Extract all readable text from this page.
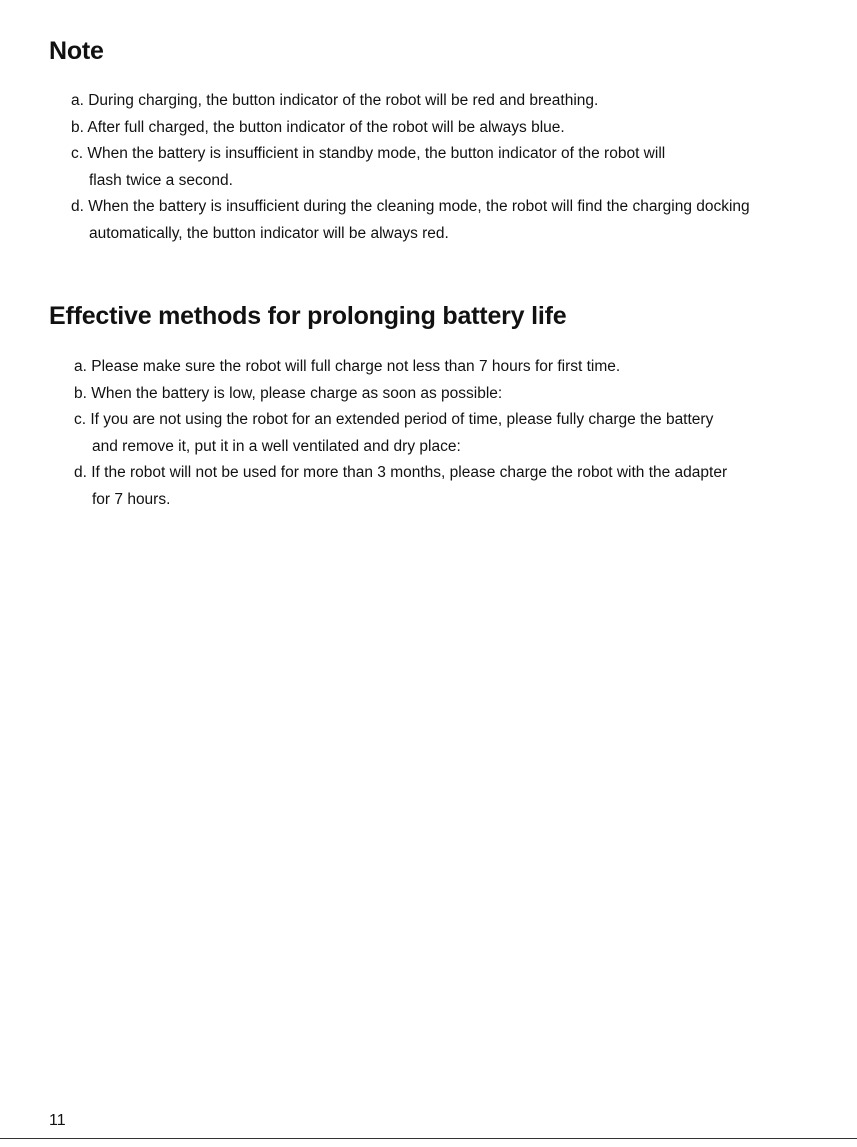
Note
a. During charging, the button indicator of the robot will be red and breathing.
b. After full charged, the button indicator of the robot will be always blue.
c. When the battery is insufficient in standby mode, the button indicator of the robot will
flash twice a second.
d. When the battery is insufficient during the cleaning mode, the robot will find the charging docking
automatically, the button indicator will be always red.
Effective methods for prolonging battery life
a. Please make sure the robot will full charge not less than 7 hours for first time.
b. When the battery is low, please charge as soon as possible:
c. If you are not using the robot for an extended period of time, please fully charge the battery
and remove it, put it in a well ventilated and dry place:
d. If the robot will not be used for more than 3 months, please charge the robot with the adapter
for 7 hours.
11
